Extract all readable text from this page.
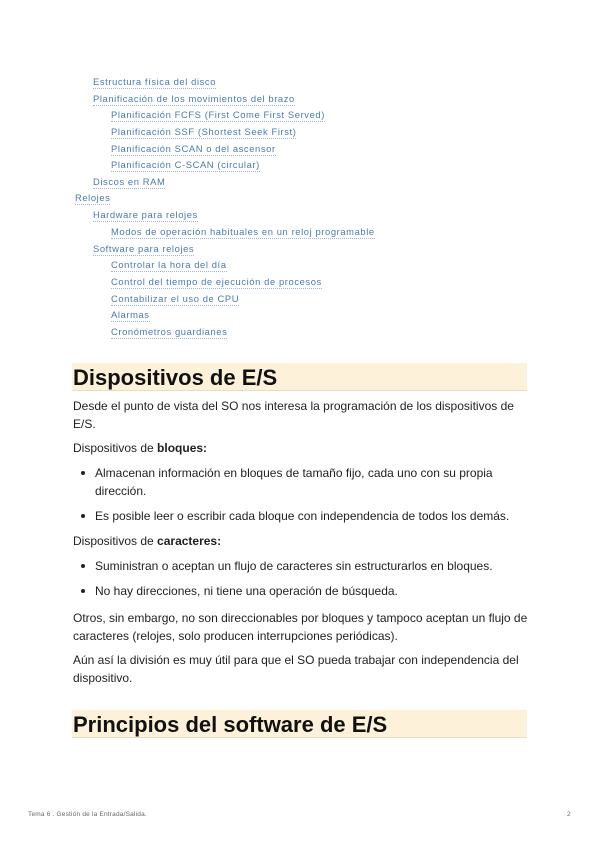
Estructura física del disco
Planificación de los movimientos del brazo
Planificación FCFS (First Come First Served)
Planificación SSF (Shortest Seek First)
Planificación SCAN o del ascensor
Planificación C-SCAN (circular)
Discos en RAM
Relojes
Hardware para relojes
Modos de operación habituales en un reloj programable
Software para relojes
Controlar la hora del día
Control del tiempo de ejecución de procesos
Contabilizar el uso de CPU
Alarmas
Cronómetros guardianes
Dispositivos de E/S

Desde el punto de vista del SO nos interesa la programación de los dispositivos de E/S.

Dispositivos de bloques:

Almacenan información en bloques de tamaño fijo, cada uno con su propia dirección.
Es posible leer o escribir cada bloque con independencia de todos los demás.

Dispositivos de caracteres:

Suministran o aceptan un flujo de caracteres sin estructurarlos en bloques.
No hay direcciones, ni tiene una operación de búsqueda.

Otros, sin embargo, no son direccionables por bloques y tampoco aceptan un flujo de caracteres (relojes, solo producen interrupciones periódicas).

Aún así la división es muy útil para que el SO pueda trabajar con independencia del dispositivo.

Principios del software de E/S
Tema 6 . Gestión de la Entrada/Salida.	2
